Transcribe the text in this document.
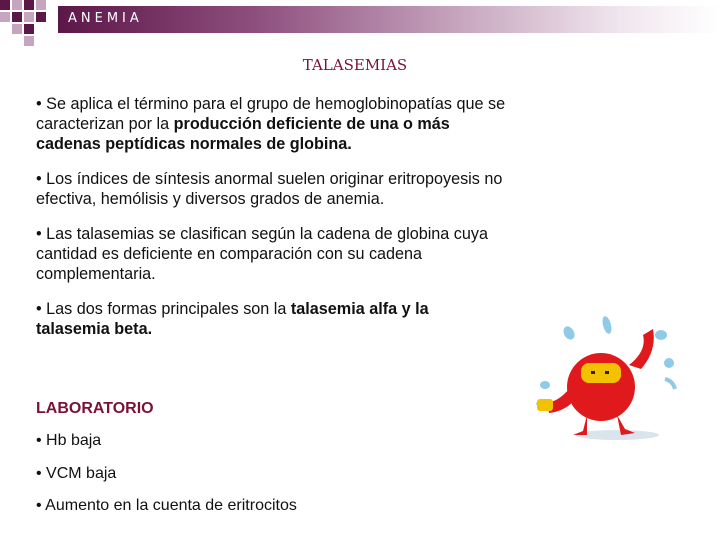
ANEMIA
TALASEMIAS

• Se aplica el término para el grupo de hemoglobinopatías que se caracterizan por la producción deficiente de una o más cadenas peptídicas normales de globina.

• Los índices de síntesis anormal suelen originar eritropoyesis no efectiva, hemólisis y diversos grados de anemia.

• Las talasemias se clasifican según la cadena de globina cuya cantidad es deficiente en comparación con su cadena complementaria.

• Las dos formas principales son la talasemia alfa y la talasemia beta.

LABORATORIO
• Hb baja
• VCM baja
• Aumento en la cuenta de eritrocitos
